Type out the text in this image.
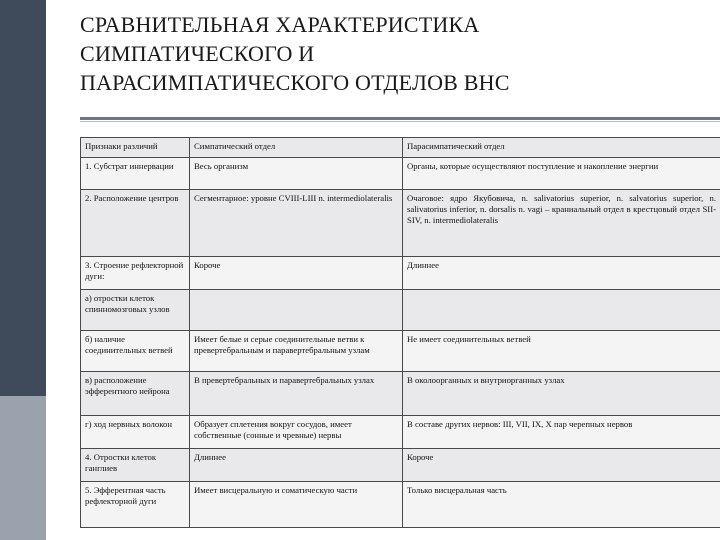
СРАВНИТЕЛЬНАЯ ХАРАКТЕРИСТИКА
СИМПАТИЧЕСКОГО И
ПАРАСИМПАТИЧЕСКОГО ОТДЕЛОВ ВНС
Признаки различий	Симпатический отдел	Парасимпатический отдел
1. Субстрат иннервации	Весь организм	Органы, которые осуществляют поступление и накопление энергии
2. Расположение центров	Сегментарное: уровне CVIII-LIII n. intermediolateralis	Очаговое: ядро Якубовича, n. salivatorius superior, n. salvatorius superior, n. salivatorius inferior, n. dorsalis n. vagi – краниальный отдел в крестцовый отдел SII-SIV, n. intermediolateralis
3. Строение рефлекторной дуги:	Короче	Длиннее
а) отростки клеток спинномозговых узлов		
б) наличие соединительных ветвей	Имеет белые и серые соединительные ветви к превертебральным и паравертебральным узлам	Не имеет соединительных ветвей
в) расположение эфферентного нейрона	В превертебральных и паравертебральных узлах	В околоорганных и внутриорганных узлах
г) ход нервных волокон	Образует сплетения вокруг сосудов, имеет собственные (сонные и чревные) нервы	В составе других нервов: III, VII, IX, X пар черепных нервов
4. Отростки клеток ганглиев	Длиннее	Короче
5. Эфферентная часть рефлекторной дуги	Имеет висцеральную и соматическую части	Только висцеральная часть
